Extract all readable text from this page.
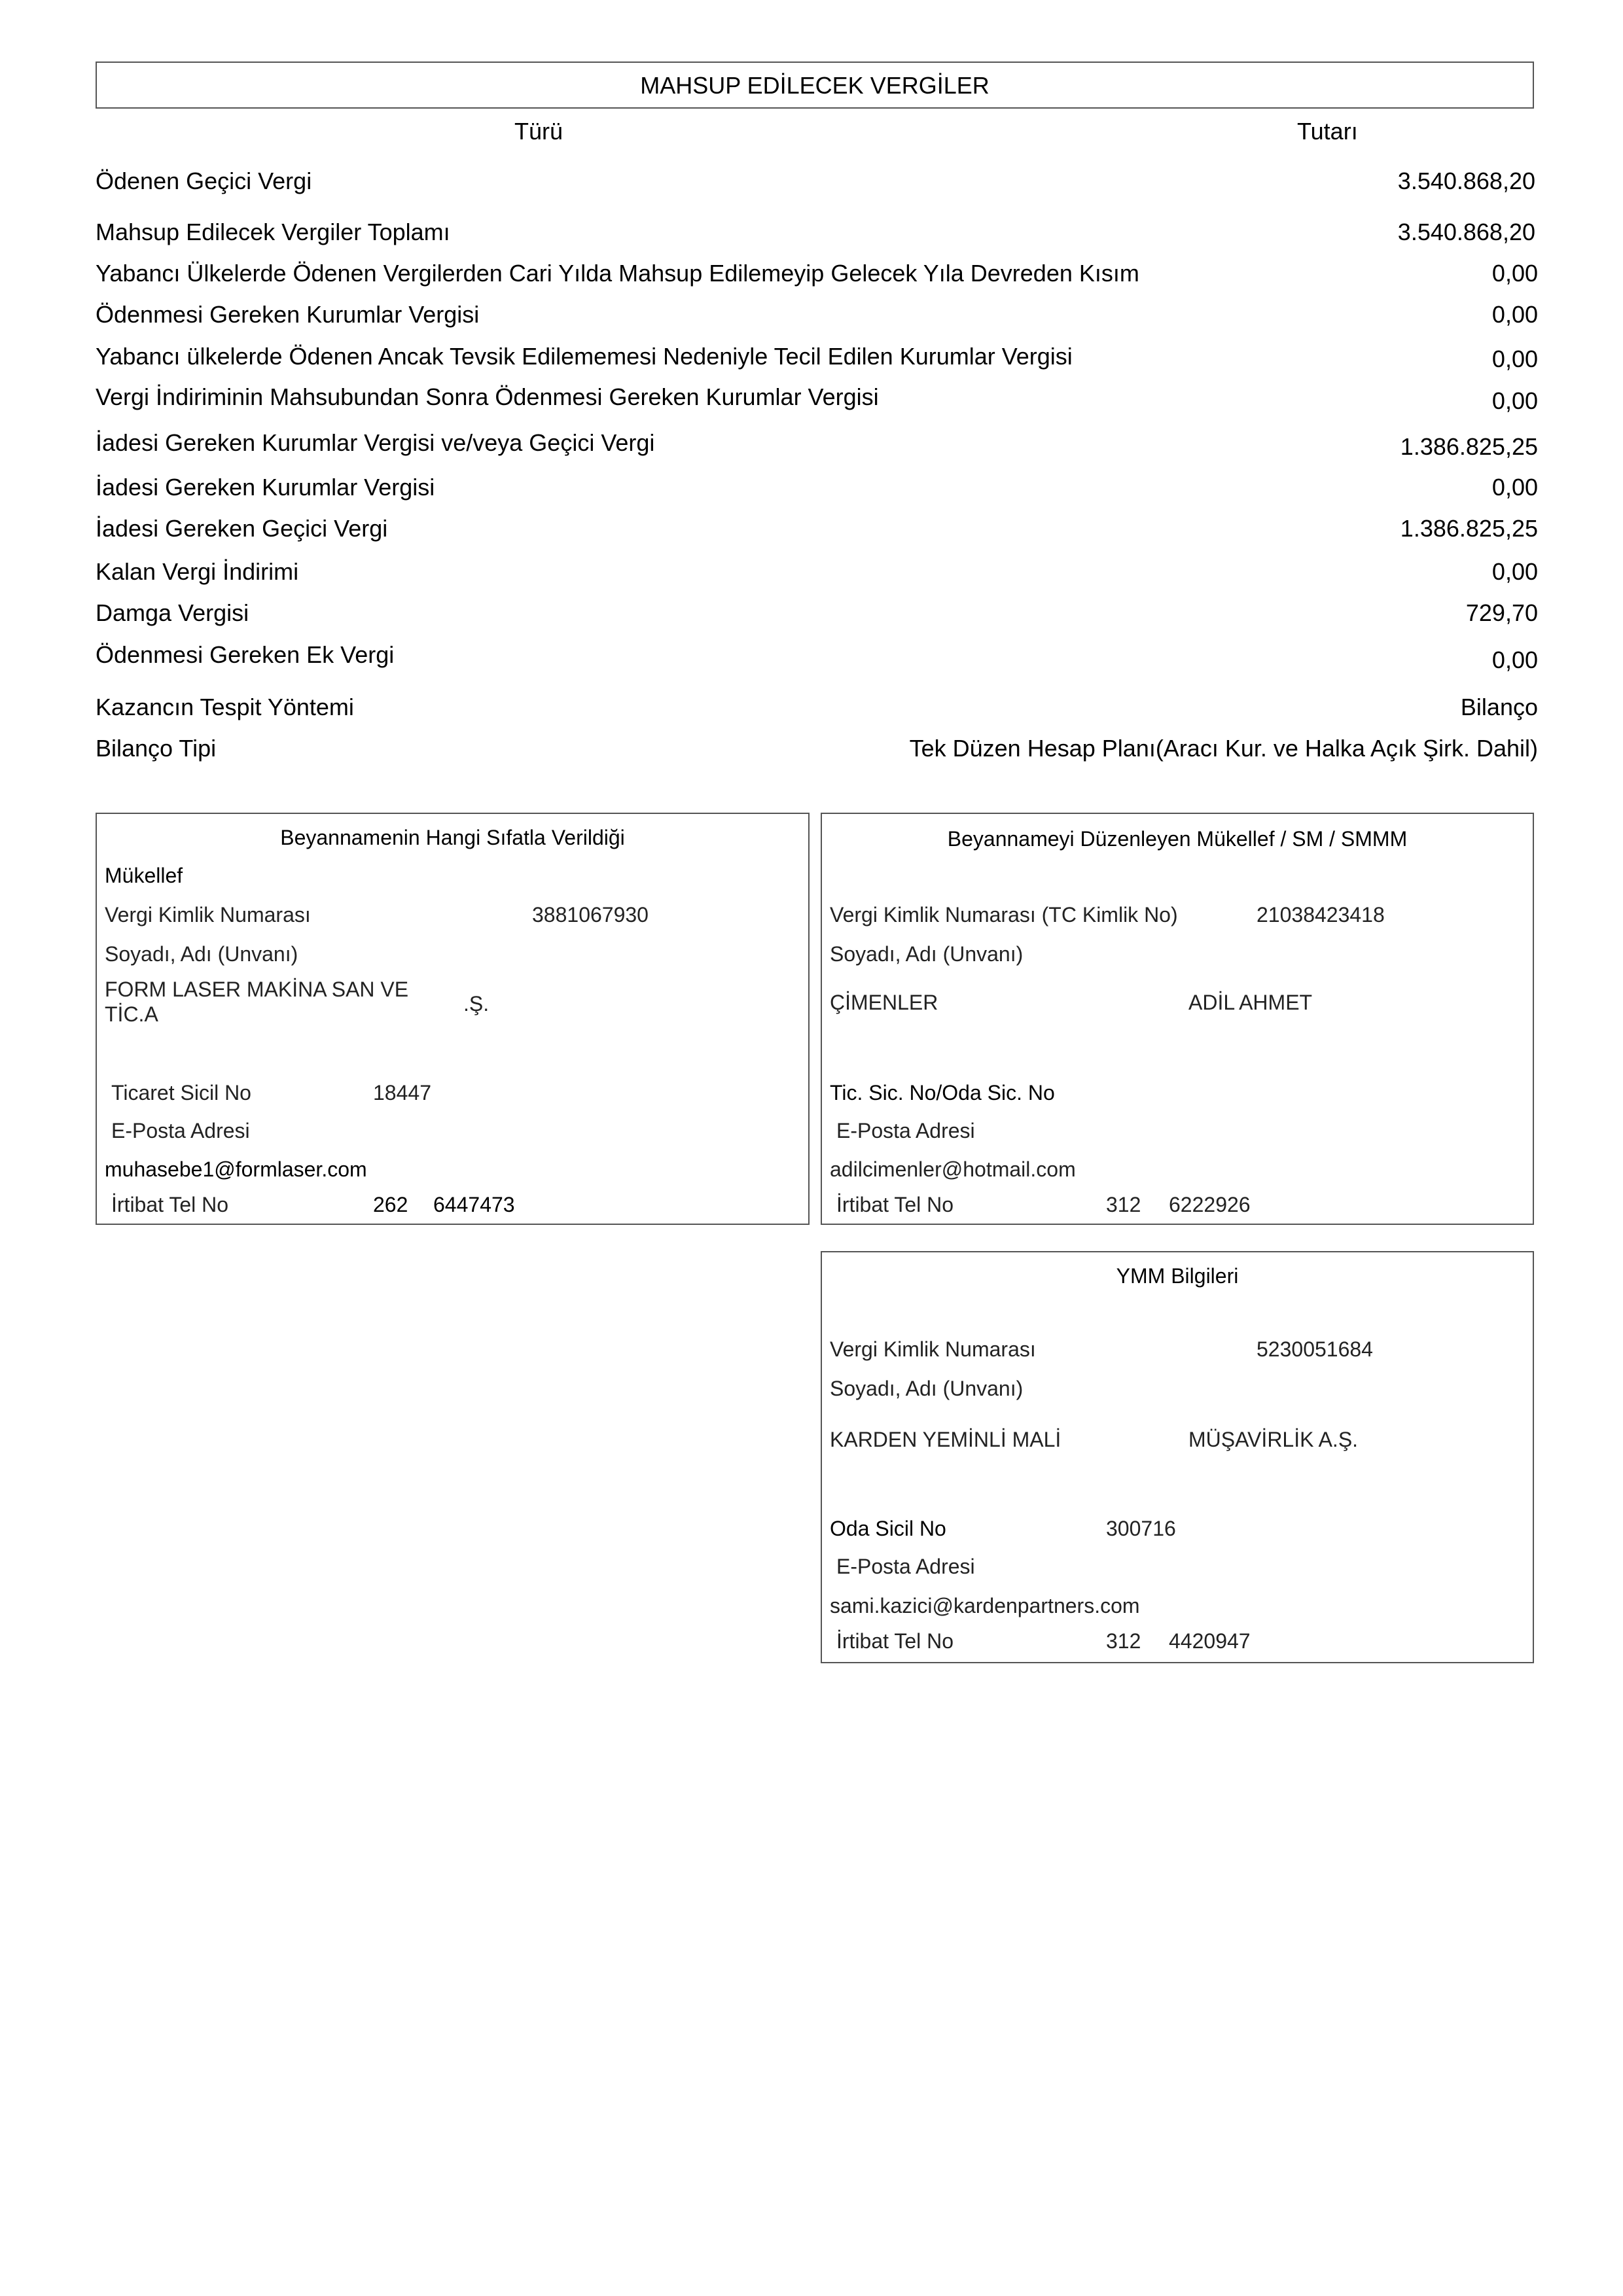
MAHSUP EDİLECEK VERGİLER
Türü	Tutarı
Ödenen Geçici Vergi	3.540.868,20
Mahsup Edilecek Vergiler Toplamı	3.540.868,20
Yabancı Ülkelerde Ödenen Vergilerden Cari Yılda Mahsup Edilemeyip Gelecek Yıla Devreden Kısım	0,00
Ödenmesi Gereken Kurumlar Vergisi	0,00
Yabancı ülkelerde Ödenen Ancak Tevsik Edilememesi Nedeniyle Tecil Edilen Kurumlar Vergisi	0,00
Vergi İndiriminin Mahsubundan Sonra Ödenmesi Gereken Kurumlar Vergisi	0,00
İadesi Gereken Kurumlar Vergisi ve/veya Geçici Vergi	1.386.825,25
İadesi Gereken Kurumlar Vergisi	0,00
İadesi Gereken Geçici Vergi	1.386.825,25
Kalan Vergi İndirimi	0,00
Damga Vergisi	729,70
Ödenmesi Gereken Ek Vergi	0,00
Kazancın Tespit Yöntemi	Bilanço
Bilanço Tipi	Tek Düzen Hesap Planı(Aracı Kur. ve Halka Açık Şirk. Dahil)
Beyannamenin Hangi Sıfatla Verildiği
Mükellef
Vergi Kimlik Numarası	3881067930
Soyadı, Adı (Unvanı)
FORM LASER MAKİNA SAN VE
TİC.A	.Ş.
Ticaret Sicil No	18447
E-Posta Adresi
muhasebe1@formlaser.com
İrtibat Tel No	262 6447473
Beyannameyi Düzenleyen Mükellef / SM / SMMM
Vergi Kimlik Numarası (TC Kimlik No)	21038423418
Soyadı, Adı (Unvanı)
ÇİMENLER	ADİL AHMET
Tic. Sic. No/Oda Sic. No
E-Posta Adresi
adilcimenler@hotmail.com
İrtibat Tel No	312 6222926
YMM Bilgileri
Vergi Kimlik Numarası	5230051684
Soyadı, Adı (Unvanı)
KARDEN YEMİNLİ MALİ	MÜŞAVİRLİK A.Ş.
Oda Sicil No	300716
E-Posta Adresi
sami.kazici@kardenpartners.com
İrtibat Tel No	312 4420947
